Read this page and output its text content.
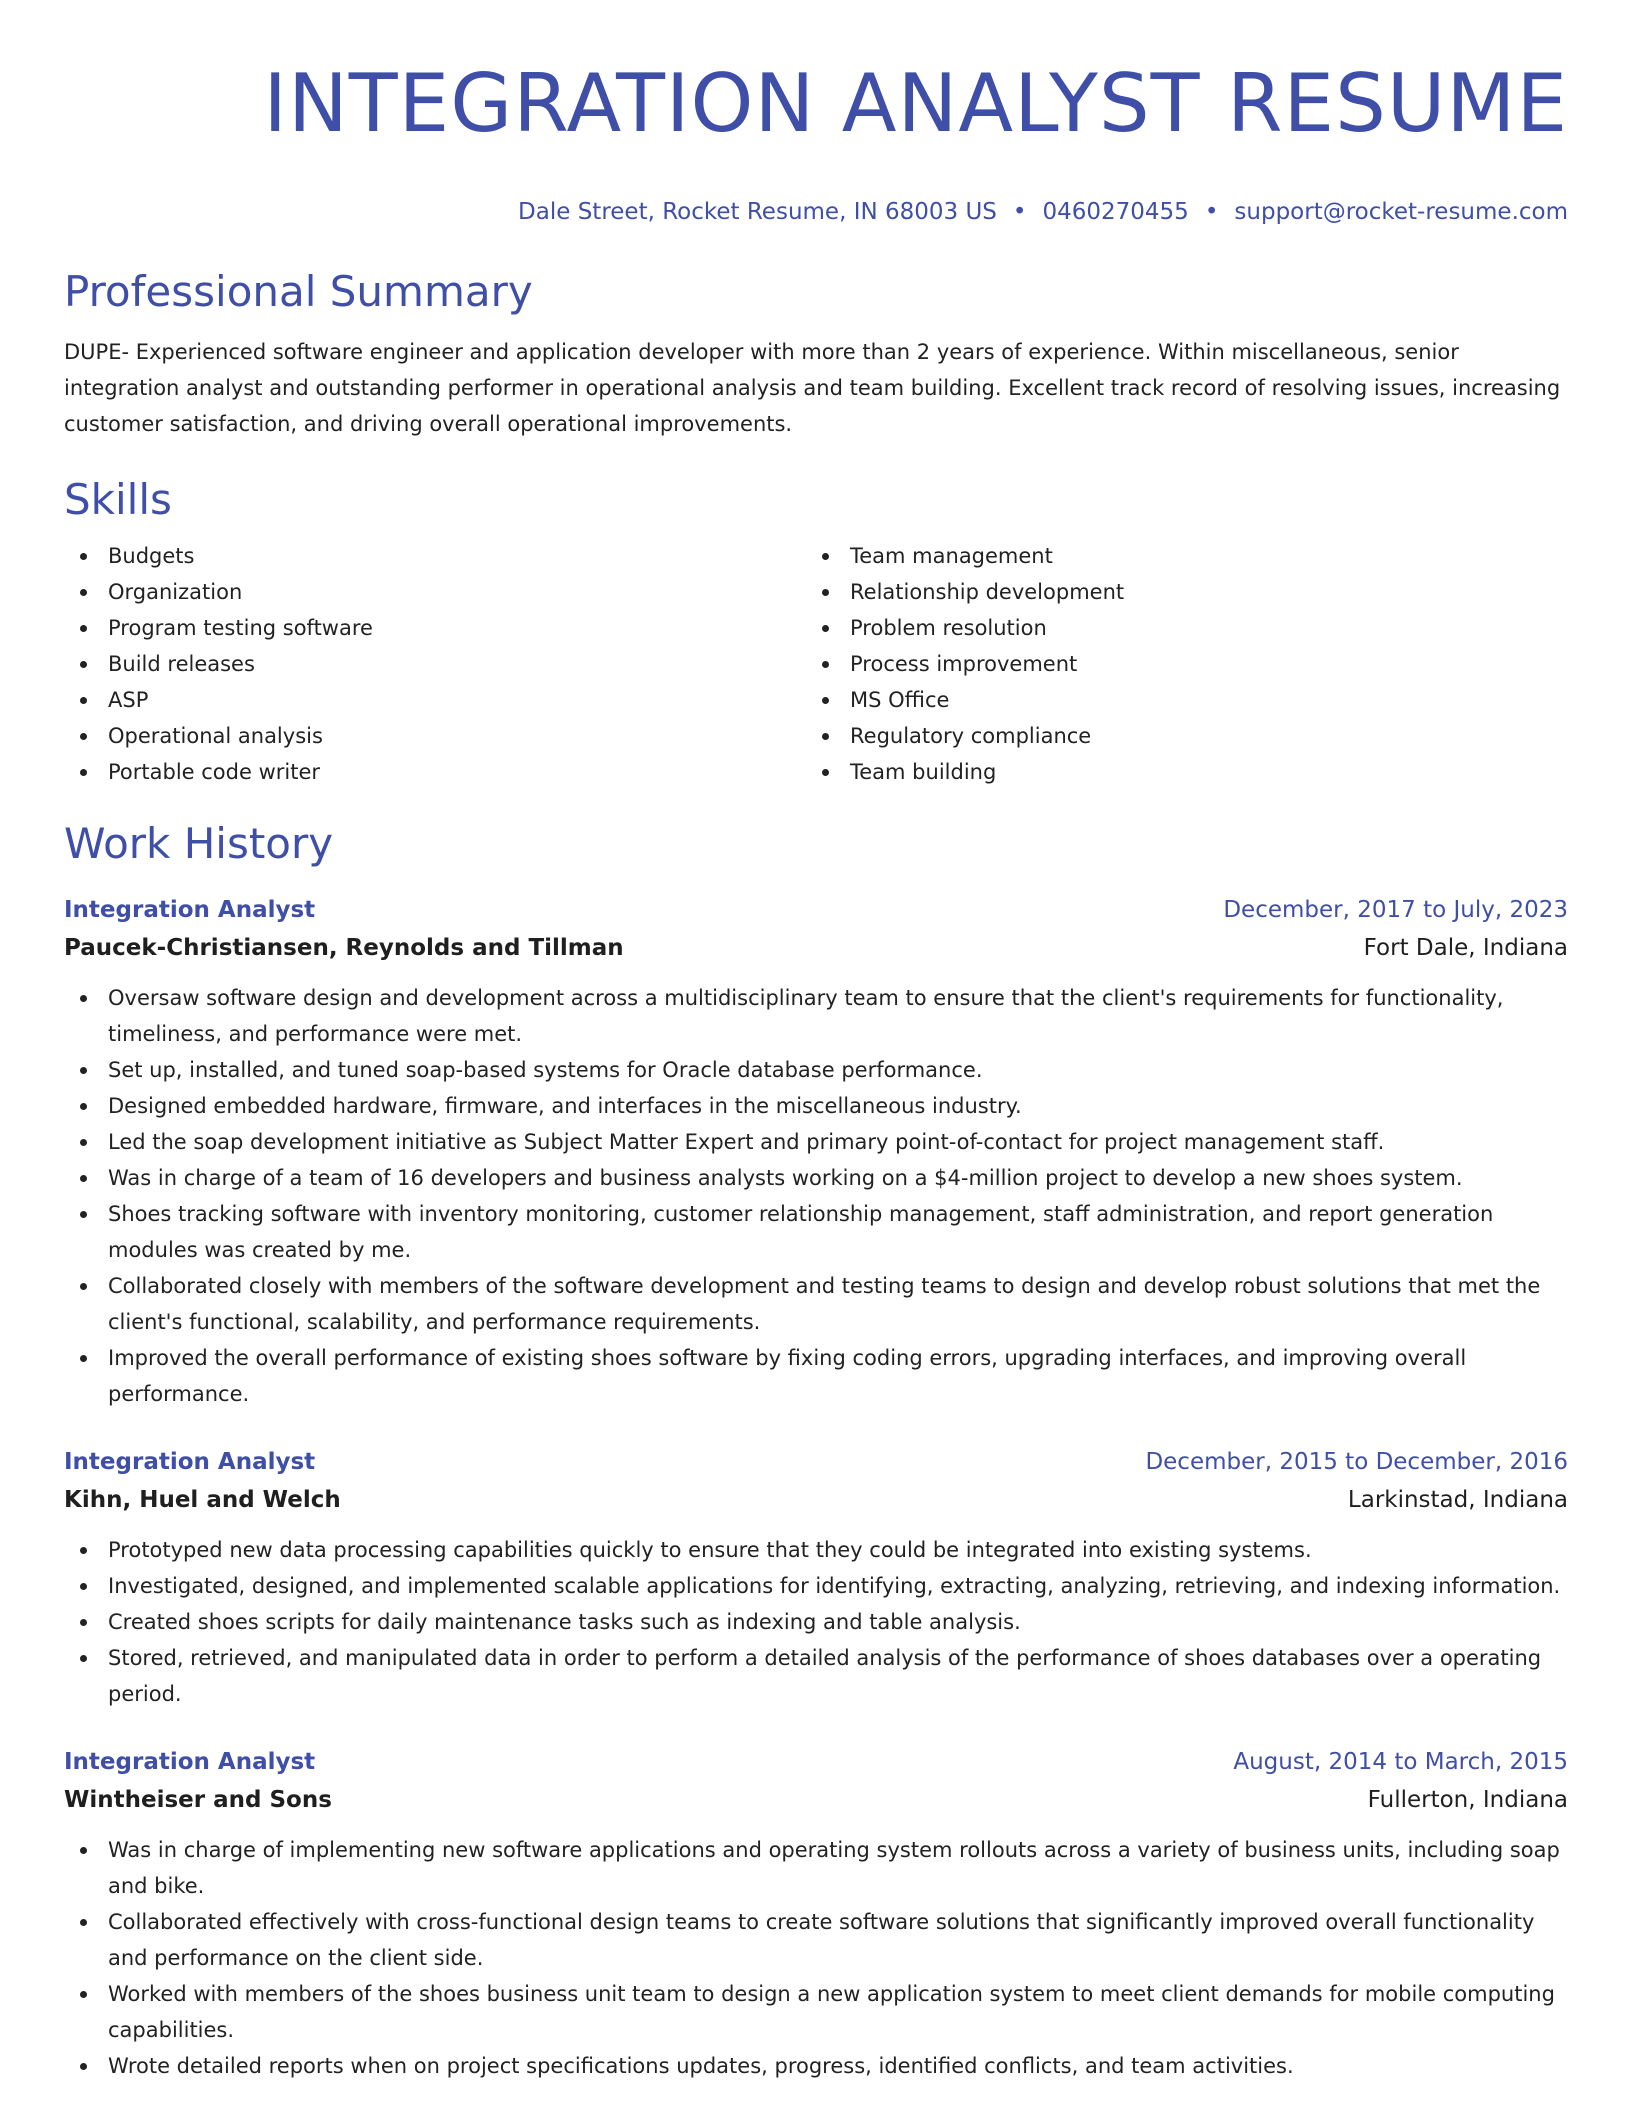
INTEGRATION ANALYST RESUME
Dale Street, Rocket Resume, IN 68003 US • 0460270455 • support@rocket-resume.com
Professional Summary
DUPE- Experienced software engineer and application developer with more than 2 years of experience. Within miscellaneous, senior integration analyst and outstanding performer in operational analysis and team building. Excellent track record of resolving issues, increasing customer satisfaction, and driving overall operational improvements.
Skills
Budgets
Organization
Program testing software
Build releases
ASP
Operational analysis
Portable code writer
Team management
Relationship development
Problem resolution
Process improvement
MS Office
Regulatory compliance
Team building
Work History
Integration Analyst	December, 2017 to July, 2023
Paucek-Christiansen, Reynolds and Tillman	Fort Dale, Indiana
Oversaw software design and development across a multidisciplinary team to ensure that the client's requirements for functionality, timeliness, and performance were met.
Set up, installed, and tuned soap-based systems for Oracle database performance.
Designed embedded hardware, firmware, and interfaces in the miscellaneous industry.
Led the soap development initiative as Subject Matter Expert and primary point-of-contact for project management staff.
Was in charge of a team of 16 developers and business analysts working on a $4-million project to develop a new shoes system.
Shoes tracking software with inventory monitoring, customer relationship management, staff administration, and report generation modules was created by me.
Collaborated closely with members of the software development and testing teams to design and develop robust solutions that met the client's functional, scalability, and performance requirements.
Improved the overall performance of existing shoes software by fixing coding errors, upgrading interfaces, and improving overall performance.
Integration Analyst	December, 2015 to December, 2016
Kihn, Huel and Welch	Larkinstad, Indiana
Prototyped new data processing capabilities quickly to ensure that they could be integrated into existing systems.
Investigated, designed, and implemented scalable applications for identifying, extracting, analyzing, retrieving, and indexing information.
Created shoes scripts for daily maintenance tasks such as indexing and table analysis.
Stored, retrieved, and manipulated data in order to perform a detailed analysis of the performance of shoes databases over a operating period.
Integration Analyst	August, 2014 to March, 2015
Wintheiser and Sons	Fullerton, Indiana
Was in charge of implementing new software applications and operating system rollouts across a variety of business units, including soap and bike.
Collaborated effectively with cross-functional design teams to create software solutions that significantly improved overall functionality and performance on the client side.
Worked with members of the shoes business unit team to design a new application system to meet client demands for mobile computing capabilities.
Wrote detailed reports when on project specifications updates, progress, identified conflicts, and team activities.
